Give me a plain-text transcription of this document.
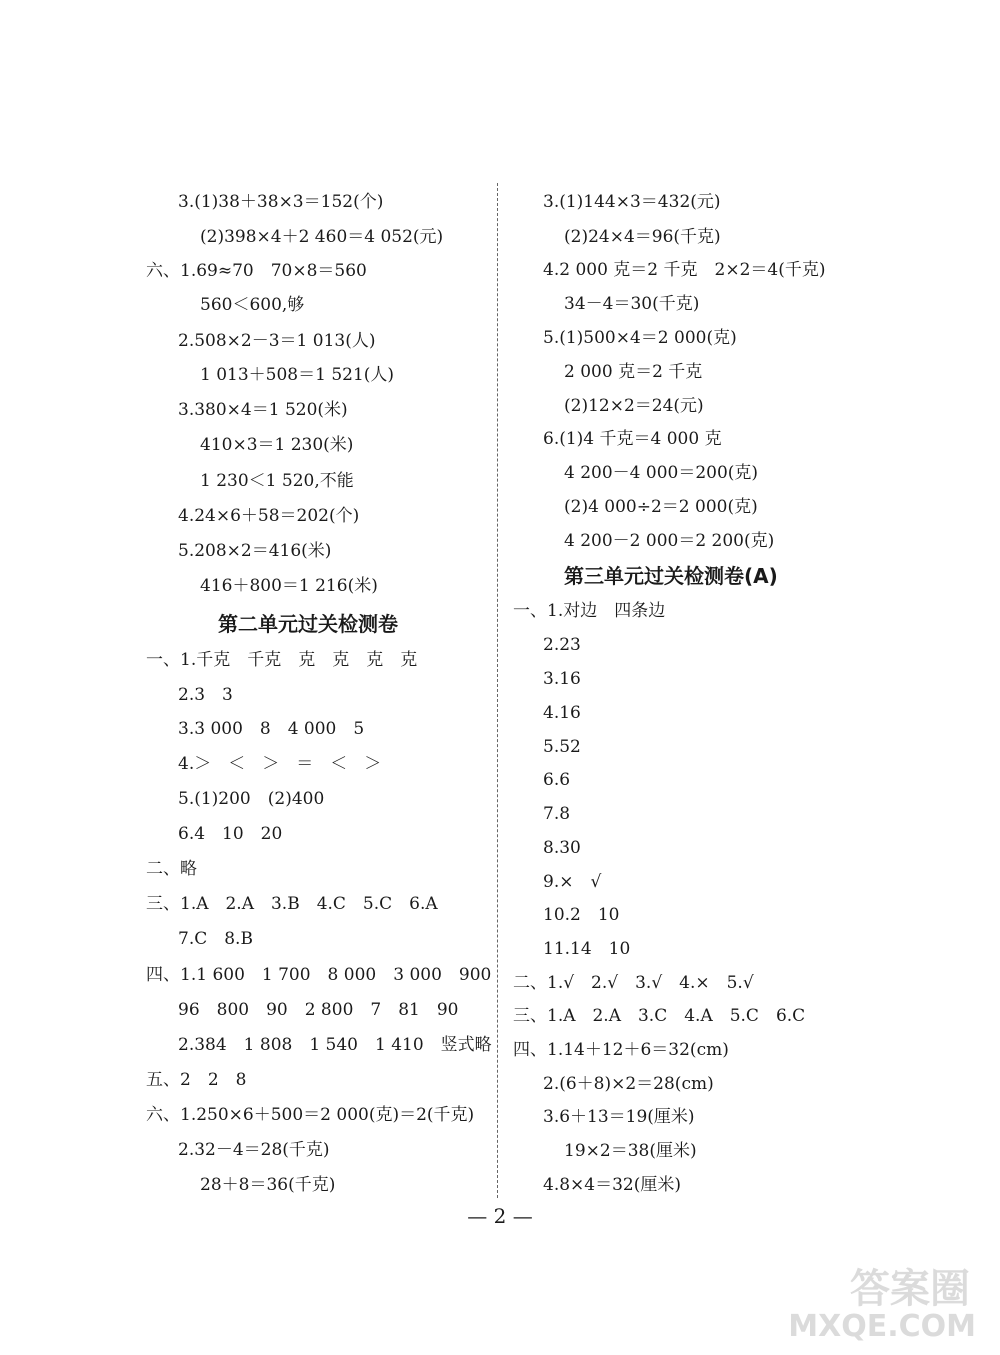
3.(1)38＋38×3＝152(个)
(2)398×4＋2 460＝4 052(元)
六、1.69≈70　70×8＝560
560＜600,够
2.508×2－3＝1 013(人)
1 013＋508＝1 521(人)
3.380×4＝1 520(米)
410×3＝1 230(米)
1 230＜1 520,不能
4.24×6＋58＝202(个)
5.208×2＝416(米)
416＋800＝1 216(米)
第二单元过关检测卷
一、1.千克　千克　克　克　克　克
2.3　3
3.3 000　8　4 000　5
4.＞　＜　＞　＝　＜　＞
5.(1)200　(2)400
6.4　10　20
二、略
三、1.A　2.A　3.B　4.C　5.C　6.A
7.C　8.B
四、1.1 600　1 700　8 000　3 000　900
96　800　90　2 800　7　81　90
2.384　1 808　1 540　1 410　竖式略
五、2　2　8
六、1.250×6＋500＝2 000(克)＝2(千克)
2.32－4＝28(千克)
28＋8＝36(千克)
3.(1)144×3＝432(元)
(2)24×4＝96(千克)
4.2 000 克＝2 千克　2×2＝4(千克)
34－4＝30(千克)
5.(1)500×4＝2 000(克)
2 000 克＝2 千克
(2)12×2＝24(元)
6.(1)4 千克＝4 000 克
4 200－4 000＝200(克)
(2)4 000÷2＝2 000(克)
4 200－2 000＝2 200(克)
第三单元过关检测卷(A)
一、1.对边　四条边
2.23
3.16
4.16
5.52
6.6
7.8
8.30
9.×　√
10.2　10
11.14　10
二、1.√　2.√　3.√　4.×　5.√
三、1.A　2.A　3.C　4.A　5.C　6.C
四、1.14＋12＋6＝32(cm)
2.(6＋8)×2＝28(cm)
3.6＋13＝19(厘米)
19×2＝38(厘米)
4.8×4＝32(厘米)
— 2 —
答案圈
MXQE.COM
